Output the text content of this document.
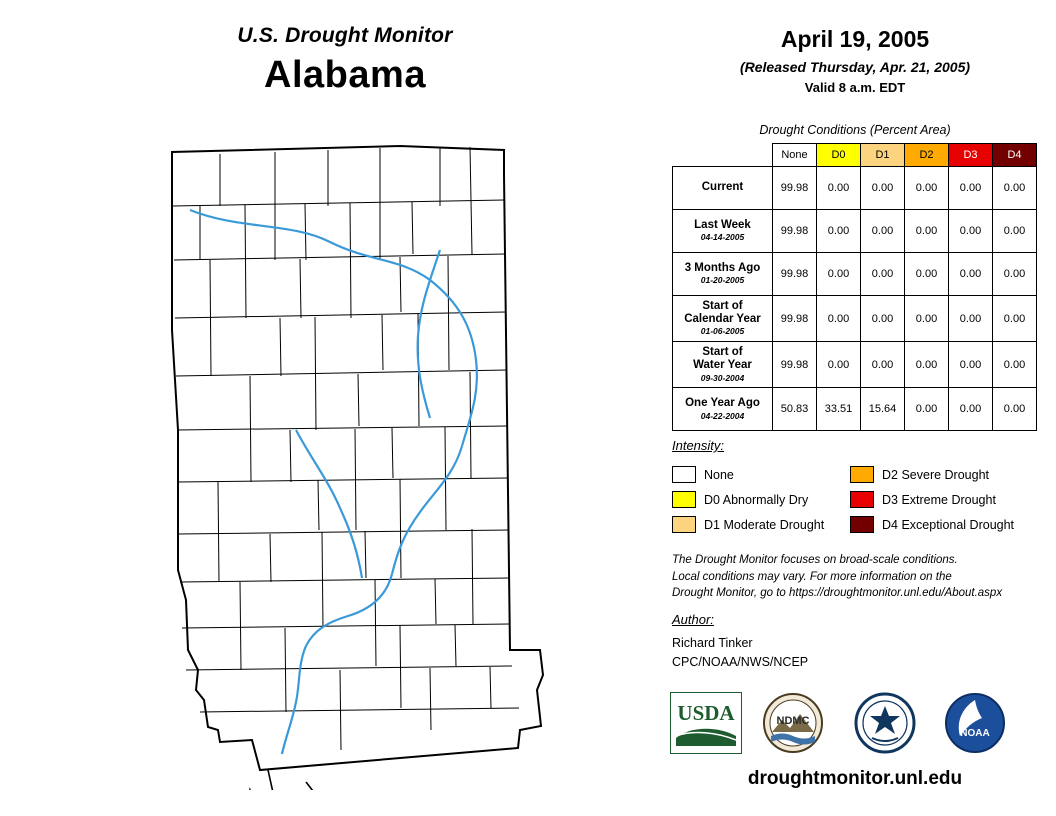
U.S. Drought Monitor
Alabama
April 19, 2005
(Released Thursday, Apr. 21, 2005)
Valid 8 a.m. EDT
Drought Conditions (Percent Area)
	None	D0	D1	D2	D3	D4
Current	99.98	0.00	0.00	0.00	0.00	0.00
Last Week
04-14-2005	99.98	0.00	0.00	0.00	0.00	0.00
3 Months Ago
01-20-2005	99.98	0.00	0.00	0.00	0.00	0.00
Start of
Calendar Year
01-06-2005	99.98	0.00	0.00	0.00	0.00	0.00
Start of
Water Year
09-30-2004	99.98	0.00	0.00	0.00	0.00	0.00
One Year Ago
04-22-2004	50.83	33.51	15.64	0.00	0.00	0.00
Intensity:
None	D2 Severe Drought
D0 Abnormally Dry	D3 Extreme Drought
D1 Moderate Drought	D4 Exceptional Drought
The Drought Monitor focuses on broad-scale conditions.
Local conditions may vary. For more information on the
Drought Monitor, go to https://droughtmonitor.unl.edu/About.aspx
Author:
Richard Tinker
CPC/NOAA/NWS/NCEP
USDA	NDMC
NOAA
droughtmonitor.unl.edu
